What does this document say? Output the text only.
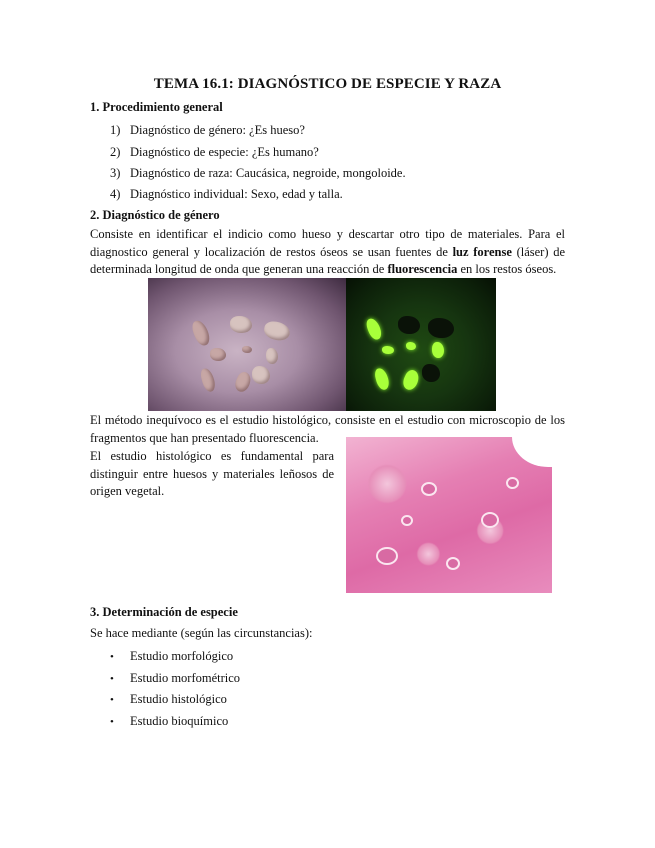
TEMA 16.1: DIAGNÓSTICO DE ESPECIE Y RAZA
1. Procedimiento general
1) Diagnóstico de género: ¿Es hueso?
2) Diagnóstico de especie: ¿Es humano?
3) Diagnóstico de raza: Caucásica, negroide, mongoloide.
4) Diagnóstico individual: Sexo, edad y talla.
2. Diagnóstico de género
Consiste en identificar el indicio como hueso y descartar otro tipo de materiales. Para el diagnostico general y localización de restos óseos se usan fuentes de luz forense (láser) de determinada longitud de onda que generan una reacción de fluorescencia en los restos óseos.
El método inequívoco es el estudio histológico, consiste en el estudio con microscopio de los fragmentos que han presentado fluorescencia.
El estudio histológico es fundamental para distinguir entre huesos y materiales leñosos de origen vegetal.
3. Determinación de especie
Se hace mediante (según las circunstancias):
• Estudio morfológico
• Estudio morfométrico
• Estudio histológico
• Estudio bioquímico
